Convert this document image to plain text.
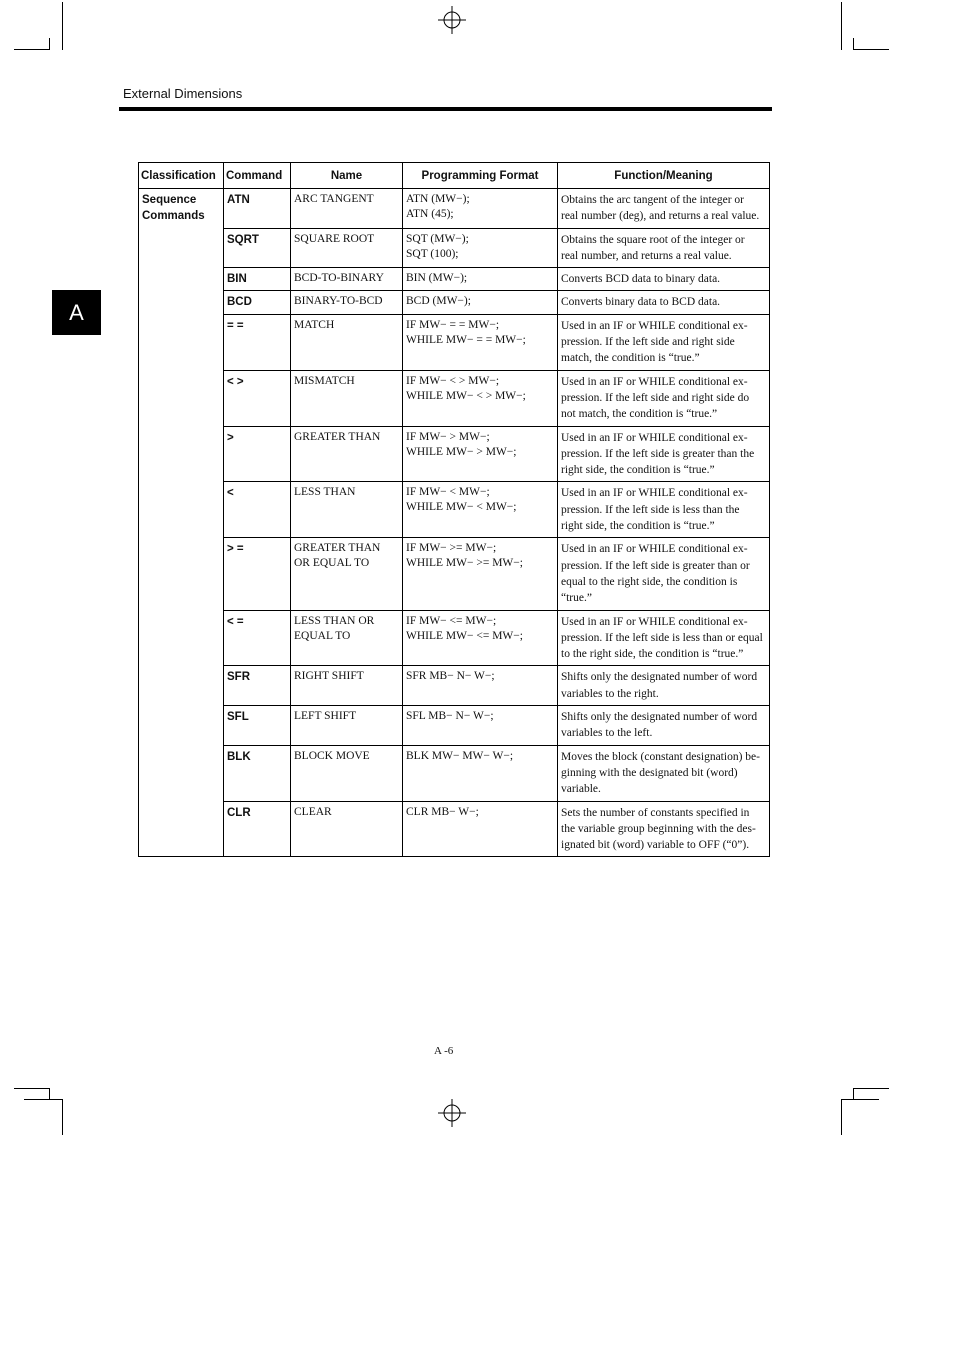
External Dimensions
A
Classification	Command	Name	Programming Format	Function/Meaning

Sequence
Commands	ATN	ARC TANGENT	ATN (MW−);
ATN (45);	Obtains the arc tangent of the integer or
real number (deg), and returns a real value.

	SQRT	SQUARE ROOT	SQT (MW−);
SQT (100);	Obtains the square root of the integer or
real number, and returns a real value.

	BIN	BCD-TO-BINARY	BIN (MW−);	Converts BCD data to binary data.

	BCD	BINARY-TO-BCD	BCD (MW−);	Converts binary data to BCD data.

	= =	MATCH	IF MW− = = MW−;
WHILE MW− = = MW−;	Used in an IF or WHILE conditional ex-
pression. If the left side and right side
match, the condition is “true.”

	< >	MISMATCH	IF MW− < > MW−;
WHILE MW− < > MW−;	Used in an IF or WHILE conditional ex-
pression. If the left side and right side do
not match, the condition is “true.”

	>	GREATER THAN	IF MW− > MW−;
WHILE MW− > MW−;	Used in an IF or WHILE conditional ex-
pression. If the left side is greater than the
right side, the condition is “true.”

	<	LESS THAN	IF MW− < MW−;
WHILE MW− < MW−;	Used in an IF or WHILE conditional ex-
pression. If the left side is less than the
right side, the condition is “true.”

	> =	GREATER THAN
OR EQUAL TO	IF MW− >= MW−;
WHILE MW− >= MW−;	Used in an IF or WHILE conditional ex-
pression. If the left side is greater than or
equal to the right side, the condition is
“true.”

	< =	LESS THAN OR
EQUAL TO	IF MW− <= MW−;
WHILE MW− <= MW−;	Used in an IF or WHILE conditional ex-
pression. If the left side is less than or equal
to the right side, the condition is “true.”

	SFR	RIGHT SHIFT	SFR MB− N− W−;	Shifts only the designated number of word
variables to the right.

	SFL	LEFT SHIFT	SFL MB− N− W−;	Shifts only the designated number of word
variables to the left.

	BLK	BLOCK MOVE	BLK MW− MW− W−;	Moves the block (constant designation) be-
ginning with the designated bit (word)
variable.

	CLR	CLEAR	CLR MB− W−;	Sets the number of constants specified in
the variable group beginning with the des-
ignated bit (word) variable to OFF (“0”).
A -6
